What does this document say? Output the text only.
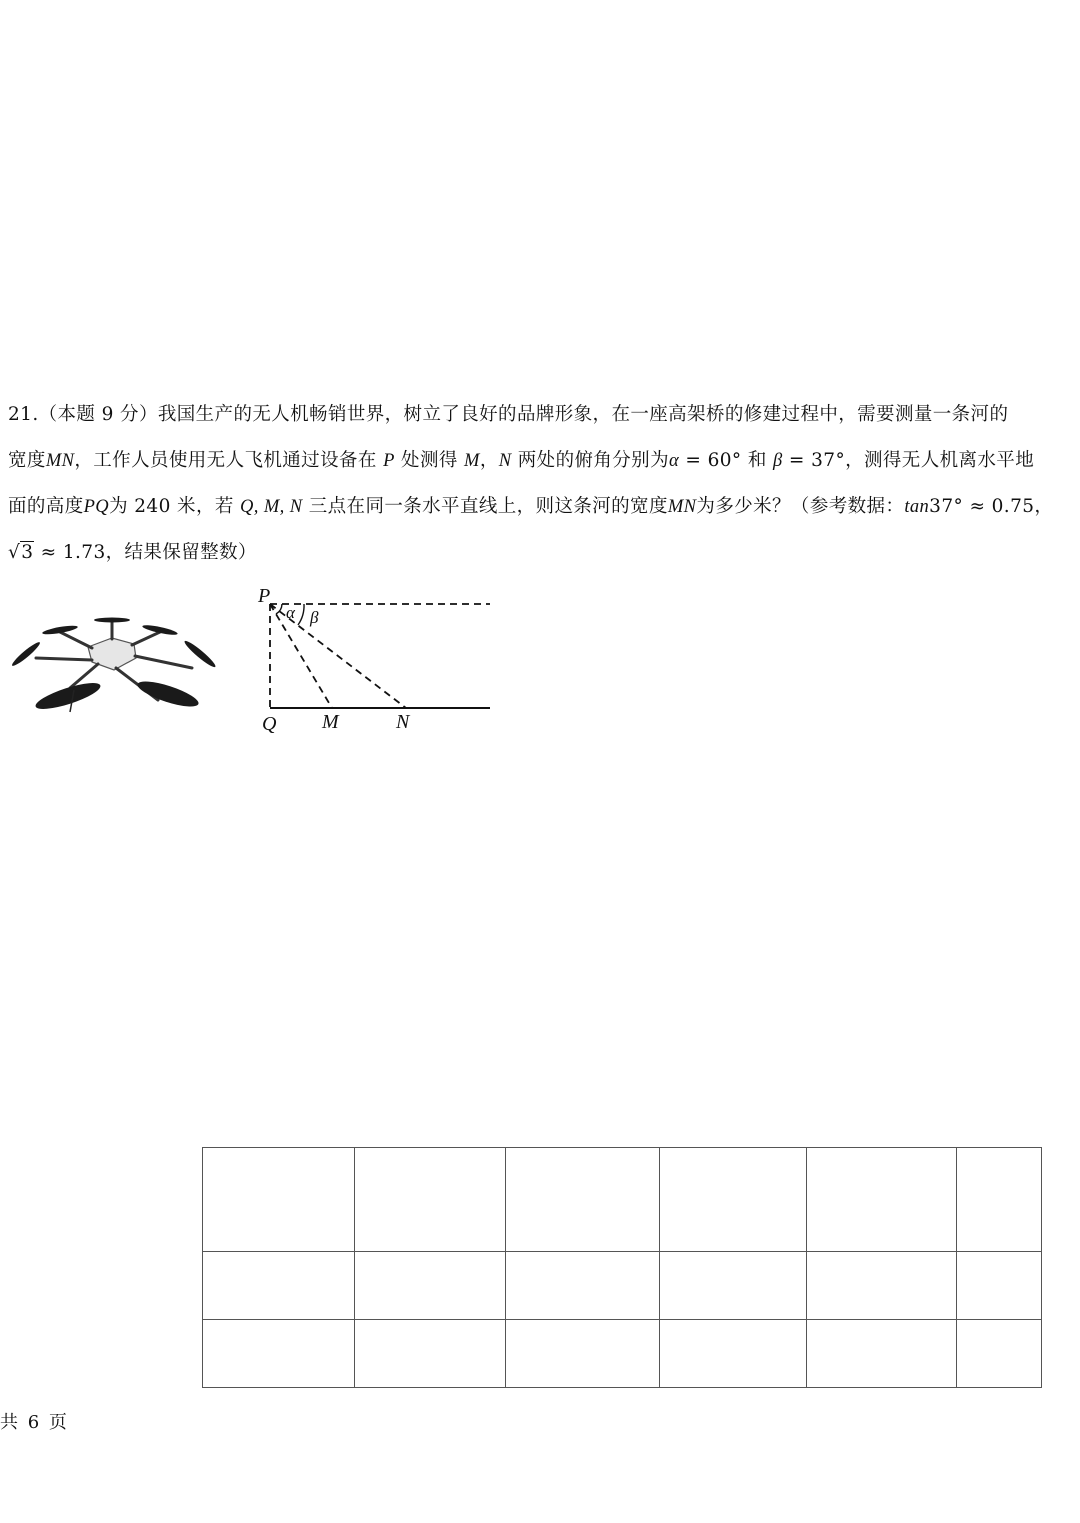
21.（本题 9 分）我国生产的无人机畅销世界，树立了良好的品牌形象，在一座高架桥的修建过程中，需要测量一条河的
宽度MN，工作人员使用无人飞机通过设备在 P 处测得 M，N 两处的俯角分别为α = 60° 和 β = 37°，测得无人机离水平地
面的高度PQ为 240 米，若 Q, M, N 三点在同一条水平直线上，则这条河的宽度MN为多少米？（参考数据：tan37° ≈ 0.75，
√3 ≈ 1.73，结果保留整数）
P
α β
Q M	N

共 6 页
